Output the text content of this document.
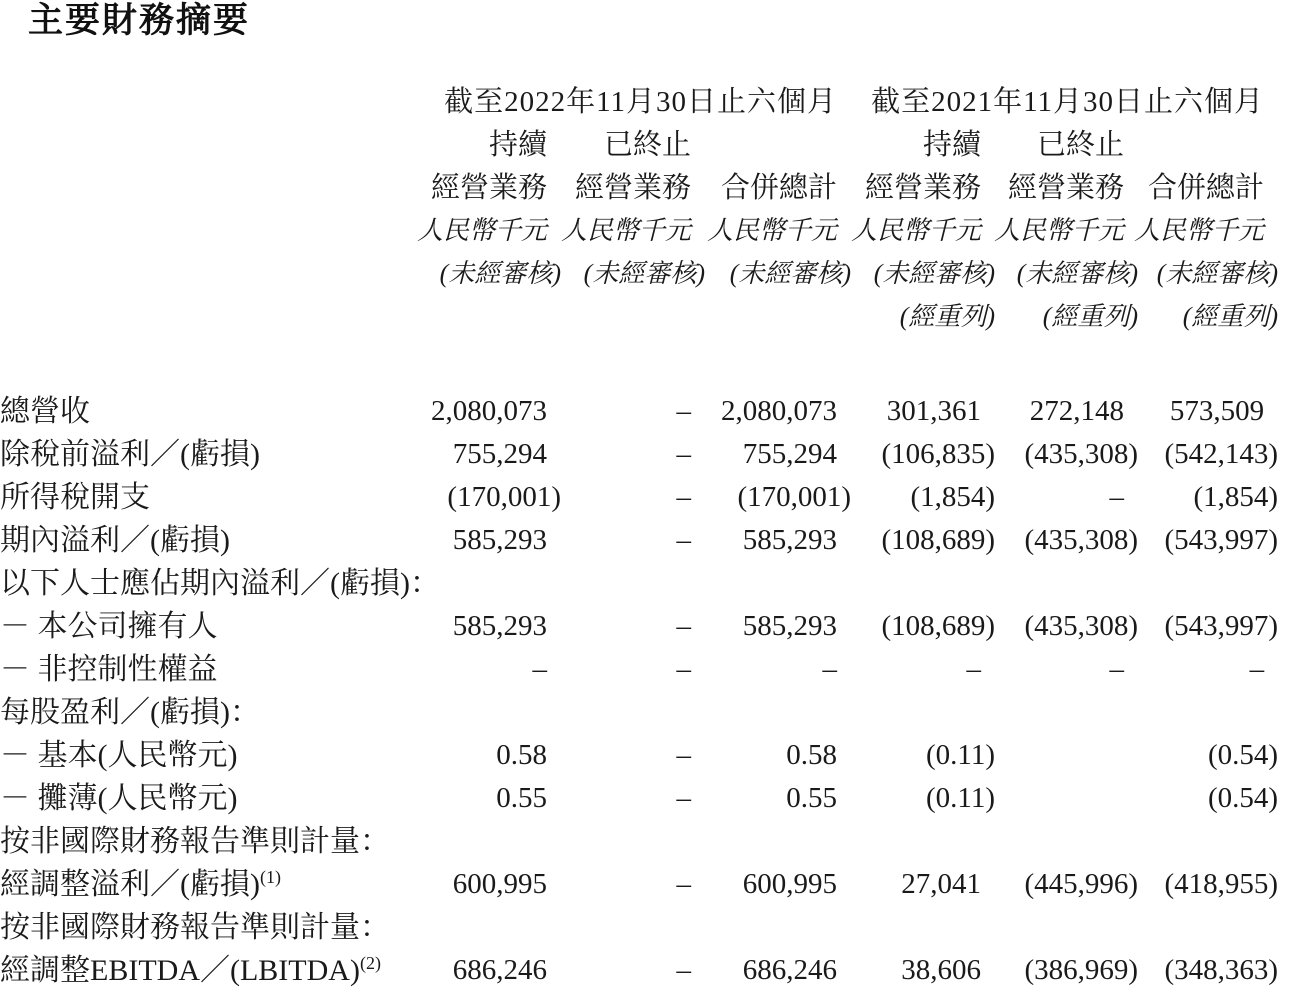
主要財務摘要
	截至2022年11月30日止六個月			截至2021年11月30日止六個月		
	持續	已終止		持續	已終止	
	經營業務	經營業務	合併總計	經營業務	經營業務	合併總計
	人民幣千元	人民幣千元	人民幣千元	人民幣千元	人民幣千元	人民幣千元
	(未經審核)	(未經審核)	(未經審核)	(未經審核)	(未經審核)	(未經審核)
				(經重列)	(經重列)	(經重列)

總營收	2,080,073	–	2,080,073	301,361	272,148	573,509
除稅前溢利／(虧損)	755,294	–	755,294	(106,835)	(435,308)	(542,143)
所得稅開支	(170,001)	–	(170,001)	(1,854)	–	(1,854)
期內溢利／(虧損)	585,293	–	585,293	(108,689)	(435,308)	(543,997)
以下人士應佔期內溢利／(虧損)：						
－ 本公司擁有人	585,293	–	585,293	(108,689)	(435,308)	(543,997)
－ 非控制性權益	–	–	–	–	–	–
每股盈利／(虧損)：						
－ 基本(人民幣元)	0.58	–	0.58	(0.11)		(0.54)
－ 攤薄(人民幣元)	0.55	–	0.55	(0.11)		(0.54)
按非國際財務報告準則計量：						
經調整溢利／(虧損)$^{(1)}$	600,995	–	600,995	27,041	(445,996)	(418,955)
按非國際財務報告準則計量：						
經調整EBITDA／(LBITDA)$^{(2)}$	686,246	–	686,246	38,606	(386,969)	(348,363)
